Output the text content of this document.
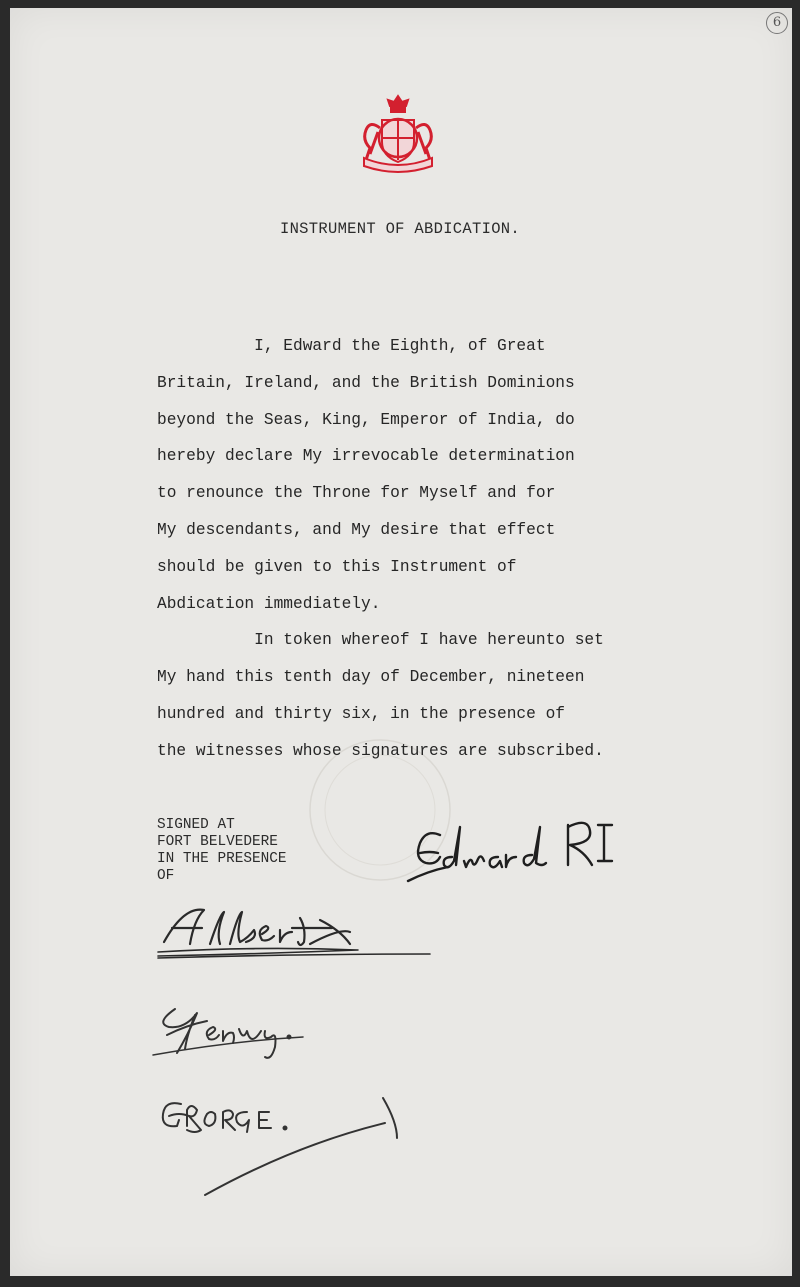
6
INSTRUMENT OF ABDICATION.

I, Edward the Eighth, of Great
Britain, Ireland, and the British Dominions
beyond the Seas, King, Emperor of India, do
hereby declare My irrevocable determination
to renounce the Throne for Myself and for
My descendants, and My desire that effect
should be given to this Instrument of
Abdication immediately.

In token whereof I have hereunto set
My hand this tenth day of December, nineteen
hundred and thirty six, in the presence of
the witnesses whose signatures are subscribed.

SIGNED AT
FORT BELVEDERE
IN THE PRESENCE
OF
